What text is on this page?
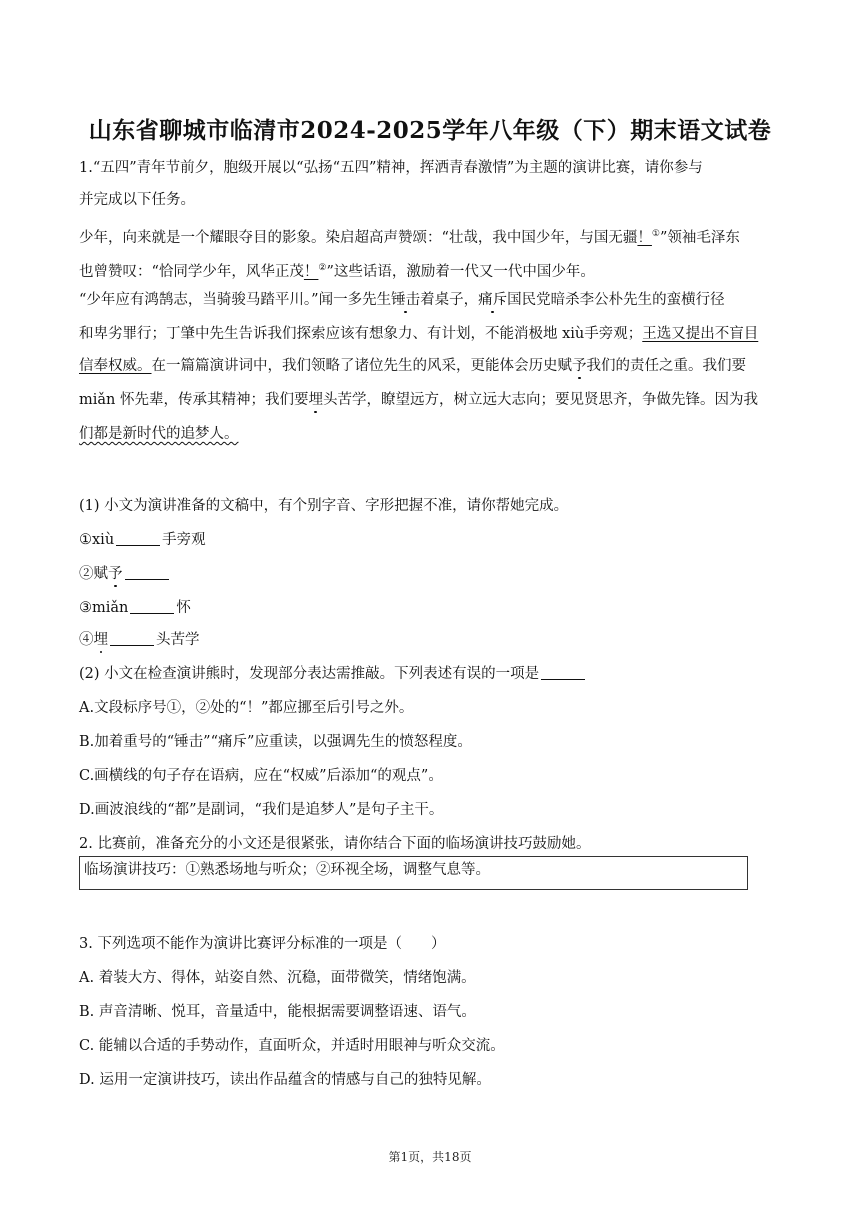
山东省聊城市临清市2024-2025学年八年级（下）期末语文试卷
1.“五四”青年节前夕，胞级开展以“弘扬“五四”精神，挥洒青春激情”为主题的演讲比赛，请你参与
并完成以下任务。
少年，向来就是一个耀眼夺目的影象。染启超高声赞颂：“壮哉，我中国少年，与国无疆！①”领袖毛泽东
也曾赞叹：“恰同学少年，风华正茂！②”这些话语，激励着一代又一代中国少年。
“少年应有鸿鹄志，当骑骏马踏平川。”闻一多先生锤击着桌子，痛斥国民党暗杀李公朴先生的蛮横行径
和卑劣罪行；丁肇中先生告诉我们探索应该有想象力、有计划，不能消极地 xiù手旁观；王选又提出不盲目
信奉权威。在一篇篇演讲词中，我们领略了诸位先生的风采，更能体会历史赋予我们的责任之重。我们要
miǎn 怀先辈，传承其精神；我们要埋头苦学，瞭望远方，树立远大志向；要见贤思齐，争做先锋。因为我
们都是新时代的追梦人。
(1) 小文为演讲准备的文稿中，有个别字音、字形把握不准，请你帮她完成。
①xiù	手旁观
②赋予
③miǎn	怀
④埋	头苦学
(2) 小文在检查演讲熊时，发现部分表达需推敲。下列表述有误的一项是
A.文段标序号①，②处的“！”都应挪至后引号之外。
B.加着重号的“锤击”“痛斥”应重读，以强调先生的愤怒程度。
C.画横线的句子存在语病，应在“权威”后添加“的观点”。
D.画波浪线的“都”是副词，“我们是追梦人”是句子主干。
2. 比赛前，准备充分的小文还是很紧张，请你结合下面的临场演讲技巧鼓励她。
临场演讲技巧：①熟悉场地与听众；②环视全场，调整气息等。
3. 下列选项不能作为演讲比赛评分标准的一项是（　　）
A. 着装大方、得体，站姿自然、沉稳，面带微笑，情绪饱满。
B. 声音清晰、悦耳，音量适中，能根据需要调整语速、语气。
C. 能辅以合适的手势动作，直面听众，并适时用眼神与听众交流。
D. 运用一定演讲技巧，读出作品蕴含的情感与自己的独特见解。
第1页，共18页
